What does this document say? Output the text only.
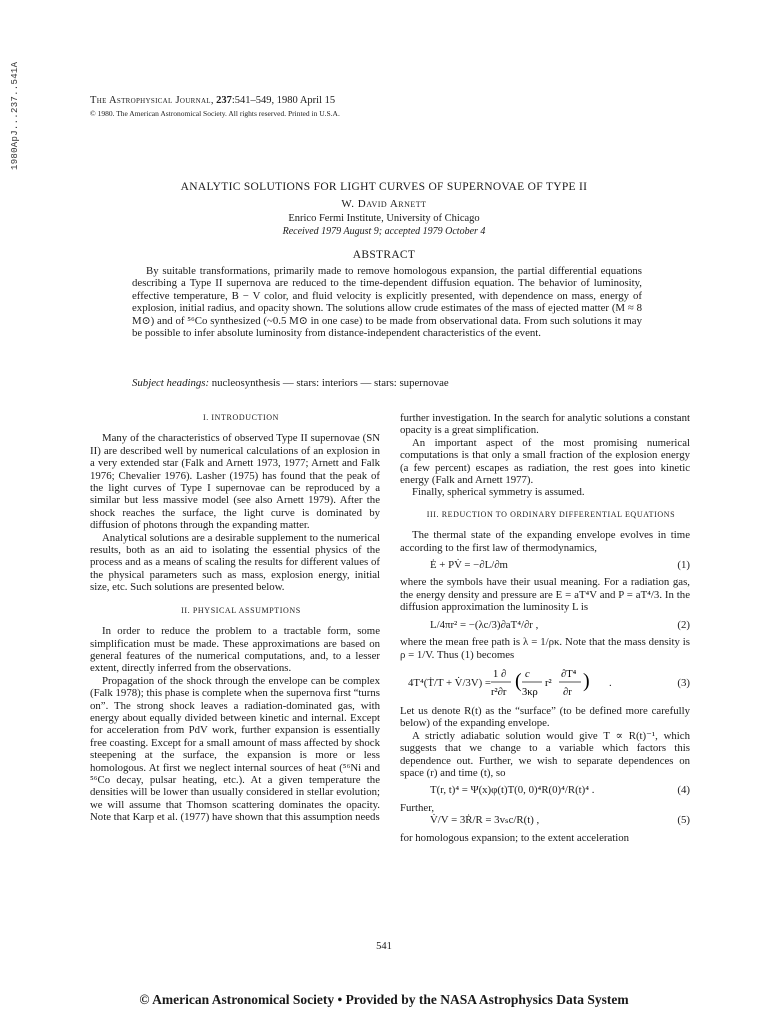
1980ApJ...237..541A	The Astrophysical Journal, 237:541–549, 1980 April 15
© 1980. The American Astronomical Society. All rights reserved. Printed in U.S.A.
ANALYTIC SOLUTIONS FOR LIGHT CURVES OF SUPERNOVAE OF TYPE II
W. David Arnett
Enrico Fermi Institute, University of Chicago
Received 1979 August 9; accepted 1979 October 4
ABSTRACT
By suitable transformations, primarily made to remove homologous expansion, the partial differential equations describing a Type II supernova are reduced to the time-dependent diffusion equation. The behavior of luminosity, effective temperature, B − V color, and fluid velocity is explicitly presented, with dependence on mass, energy of explosion, initial radius, and opacity shown. The solutions allow crude estimates of the mass of ejected matter (M ≈ 8 M⊙) and of ⁵⁶Co synthesized (~0.5 M⊙ in one case) to be made from observational data. From such solutions it may be possible to infer absolute luminosity from distance-independent characteristics of the event.
Subject headings: nucleosynthesis — stars: interiors — stars: supernovae

I. INTRODUCTION

Many of the characteristics of observed Type II supernovae (SN II) are described well by numerical calculations of an explosion in a very extended star (Falk and Arnett 1973, 1977; Arnett and Falk 1976; Chevalier 1976). Lasher (1975) has found that the peak of the light curves of Type I supernovae can be reproduced by a similar but less massive model (see also Arnett 1979). After the shock reaches the surface, the light curve is dominated by diffusion of photons through the expanding matter.

Analytical solutions are a desirable supplement to the numerical results, both as an aid to isolating the essential physics of the process and as a means of scaling the results for different values of the physical parameters such as mass, explosion energy, initial size, etc. Such solutions are presented below.

II. PHYSICAL ASSUMPTIONS

In order to reduce the problem to a tractable form, some simplification must be made. These approximations are based on general features of the numerical computations, and, to a lesser extent, directly inferred from the observations.

Propagation of the shock through the envelope can be complex (Falk 1978); this phase is complete when the supernova first “turns on”. The strong shock leaves a radiation-dominated gas, with energy about equally divided between kinetic and internal. Except for acceleration from PdV work, further expansion is essentially free coasting. Except for a small amount of mass affected by shock steepening at the surface, the expansion is more or less homologous. At first we neglect internal sources of heat (⁵⁶Ni and ⁵⁶Co decay, pulsar heating, etc.). At a given temperature the densities will be lower than usually considered in stellar evolution; we will assume that Thomson scattering dominates the opacity. Note that Karp et al. (1977) have shown that this assumption needs

further investigation. In the search for analytic solutions a constant opacity is a great simplification.

An important aspect of the most promising numerical computations is that only a small fraction of the explosion energy (a few percent) escapes as radiation, the rest goes into kinetic energy (Falk and Arnett 1977).

Finally, spherical symmetry is assumed.

III. REDUCTION TO ORDINARY DIFFERENTIAL EQUATIONS

The thermal state of the expanding envelope evolves in time according to the first law of thermodynamics,

Ė + PV̇ = −∂L/∂m	(1)

where the symbols have their usual meaning. For a radiation gas, the energy density and pressure are E = aT⁴V and P = aT⁴/3. In the diffusion approximation the luminosity L is

L/4πr² = −(λc/3)∂aT⁴/∂r ,	(2)

where the mean free path is λ = 1/ρκ. Note that the mass density is ρ = 1/V. Thus (1) becomes

4T⁴(Ṫ/T + V̇/3V) =
1 ∂
r²∂r
( c
3κρ
r²
∂T⁴
∂r
) .	(3)

Let us denote R(t) as the “surface” (to be defined more carefully below) of the expanding envelope.

A strictly adiabatic solution would give T ∝ R(t)⁻¹, which suggests that we change to a variable which factors this dependence out. Further, we wish to separate dependences on space (r) and time (t), so

T(r, t)⁴ = Ψ(x)φ(t)T(0, 0)⁴R(0)⁴/R(t)⁴ .	(4)

Further,

V̇/V = 3Ṙ/R = 3vₛc/R(t) ,	(5)

for homologous expansion; to the extent acceleration

541
© American Astronomical Society • Provided by the NASA Astrophysics Data System
